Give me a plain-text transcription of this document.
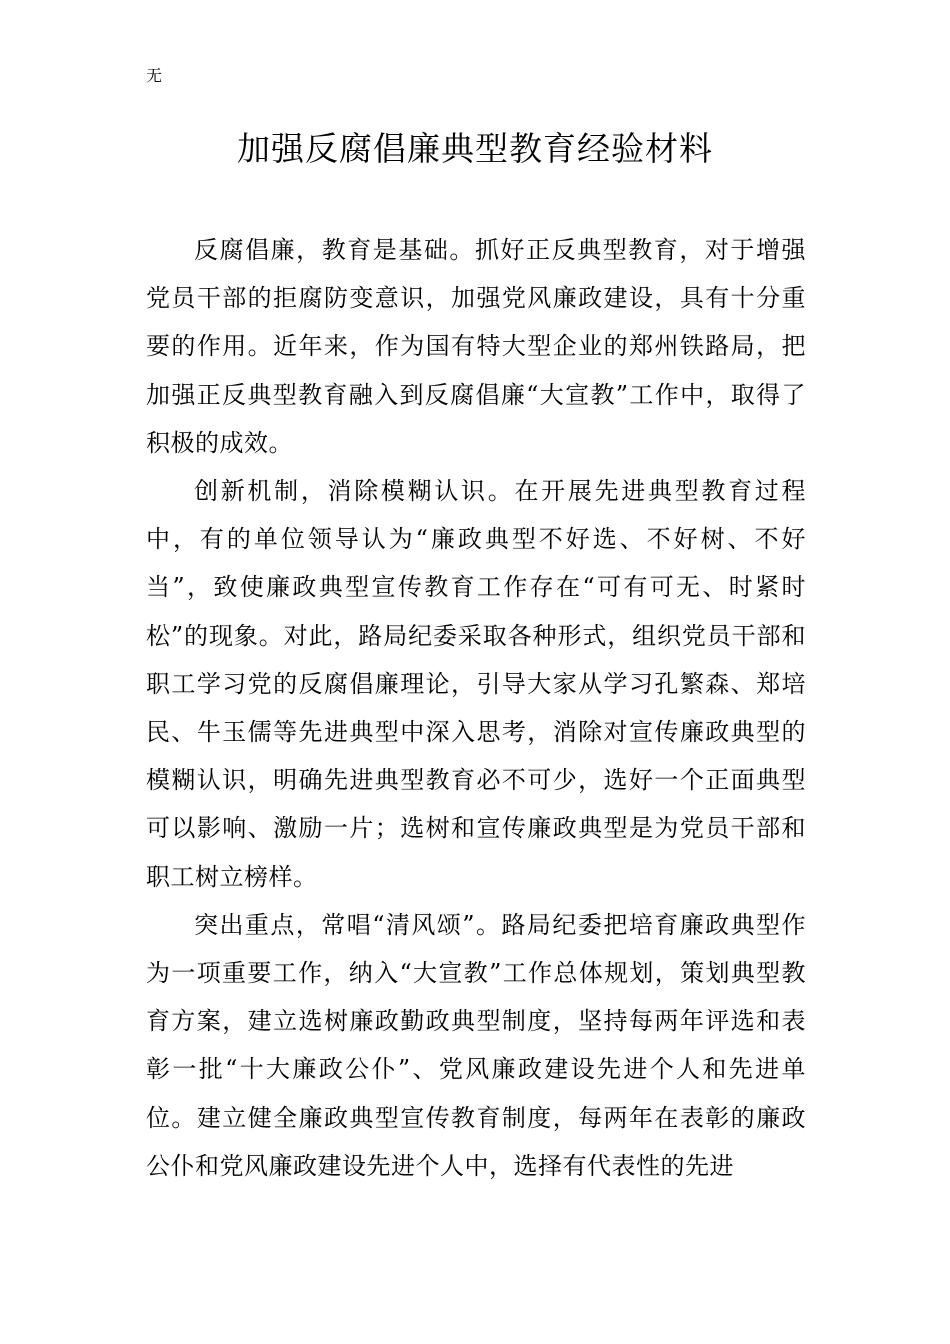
无
加强反腐倡廉典型教育经验材料

反腐倡廉，教育是基础。抓好正反典型教育，对于增强党员干部的拒腐防变意识，加强党风廉政建设，具有十分重要的作用。近年来，作为国有特大型企业的郑州铁路局，把加强正反典型教育融入到反腐倡廉“大宣教”工作中，取得了积极的成效。

创新机制，消除模糊认识。在开展先进典型教育过程中，有的单位领导认为“廉政典型不好选、不好树、不好当”，致使廉政典型宣传教育工作存在“可有可无、时紧时松”的现象。对此，路局纪委采取各种形式，组织党员干部和职工学习党的反腐倡廉理论，引导大家从学习孔繁森、郑培民、牛玉儒等先进典型中深入思考，消除对宣传廉政典型的模糊认识，明确先进典型教育必不可少，选好一个正面典型可以影响、激励一片；选树和宣传廉政典型是为党员干部和职工树立榜样。

突出重点，常唱“清风颂”。路局纪委把培育廉政典型作为一项重要工作，纳入“大宣教”工作总体规划，策划典型教育方案，建立选树廉政勤政典型制度，坚持每两年评选和表彰一批“十大廉政公仆”、党风廉政建设先进个人和先进单位。建立健全廉政典型宣传教育制度，每两年在表彰的廉政公仆和党风廉政建设先进个人中，选择有代表性的先进
